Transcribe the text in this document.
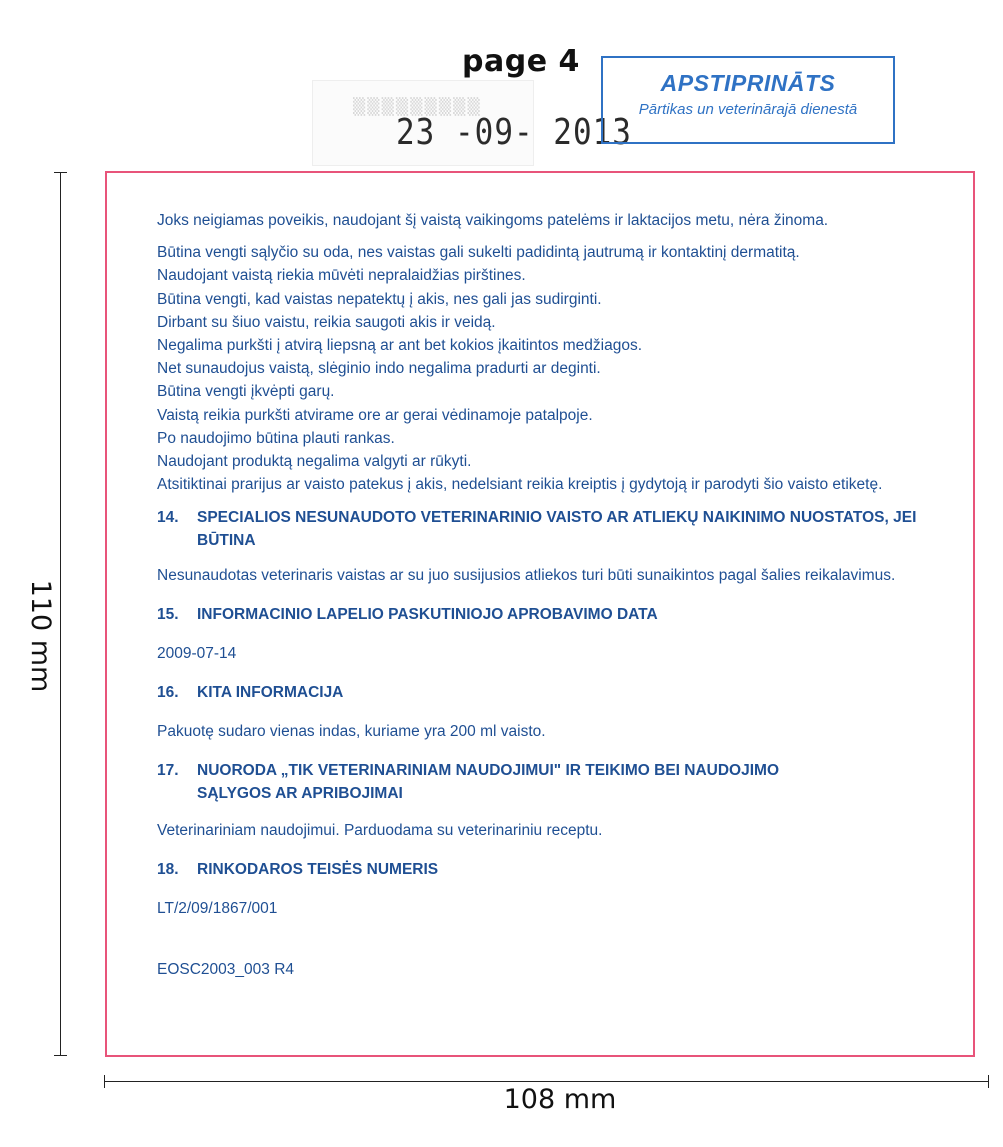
page 4
▒▒▒▒▒▒▒▒▒
23 -09- 2013
APSTIPRINĀTS
Pārtikas un veterinārajā dienestā
110 mm
108 mm

Joks neigiamas poveikis, naudojant šį vaistą vaikingoms patelėms ir laktacijos metu, nėra žinoma.

Būtina vengti sąlyčio su oda, nes vaistas gali sukelti padidintą jautrumą ir kontaktinį dermatitą.

Naudojant vaistą riekia mūvėti nepralaidžias pirštines.

Būtina vengti, kad vaistas nepatektų į akis, nes gali jas sudirginti.

Dirbant su šiuo vaistu, reikia saugoti akis ir veidą.

Negalima purkšti į atvirą liepsną ar ant bet kokios įkaitintos medžiagos.

Net sunaudojus vaistą, slėginio indo negalima pradurti ar deginti.

Būtina vengti įkvėpti garų.

Vaistą reikia purkšti atvirame ore ar gerai vėdinamoje patalpoje.

Po naudojimo būtina plauti rankas.

Naudojant produktą negalima valgyti ar rūkyti.

Atsitiktinai prarijus ar vaisto patekus į akis, nedelsiant reikia kreiptis į gydytoją ir parodyti šio vaisto etiketę.

14.	SPECIALIOS NESUNAUDOTO VETERINARINIO VAISTO AR ATLIEKŲ NAIKINIMO NUOSTATOS, JEI BŪTINA

Nesunaudotas veterinaris vaistas ar su juo susijusios atliekos turi būti sunaikintos pagal šalies reikalavimus.

15.	INFORMACINIO LAPELIO PASKUTINIOJO APROBAVIMO DATA

2009-07-14

16.	KITA INFORMACIJA

Pakuotę sudaro vienas indas, kuriame yra 200 ml vaisto.

17.	NUORODA „TIK VETERINARINIAM NAUDOJIMUI" IR TEIKIMO BEI NAUDOJIMO SĄLYGOS AR APRIBOJIMAI

Veterinariniam naudojimui. Parduodama su veterinariniu receptu.

18.	RINKODAROS TEISĖS NUMERIS

LT/2/09/1867/001

EOSC2003_003 R4
